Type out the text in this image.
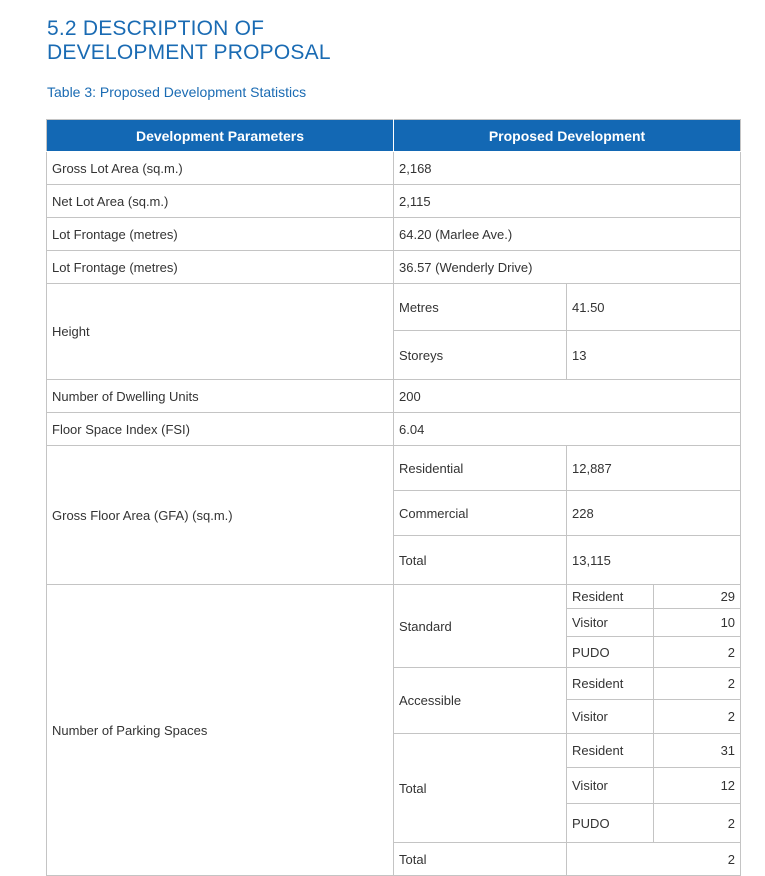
5.2 DESCRIPTION OF
DEVELOPMENT PROPOSAL

Table 3: Proposed Development Statistics

Development Parameters	Proposed Development		
Gross Lot Area (sq.m.)	2,168		
Net Lot Area (sq.m.)	2,115		
Lot Frontage (metres)	64.20 (Marlee Ave.)		
Lot Frontage (metres)	36.57 (Wenderly Drive)		
Height	Metres	41.50	
	Storeys	13	
Number of Dwelling Units	200		
Floor Space Index (FSI)	6.04		
Gross Floor Area (GFA) (sq.m.)	Residential	12,887	
	Commercial	228	
	Total	13,115	
Number of Parking Spaces	Standard	Resident	29
		Visitor	10
		PUDO	2
	Accessible	Resident	2
		Visitor	2
	Total	Resident	31
		Visitor	12
		PUDO	2
	Total	2	
